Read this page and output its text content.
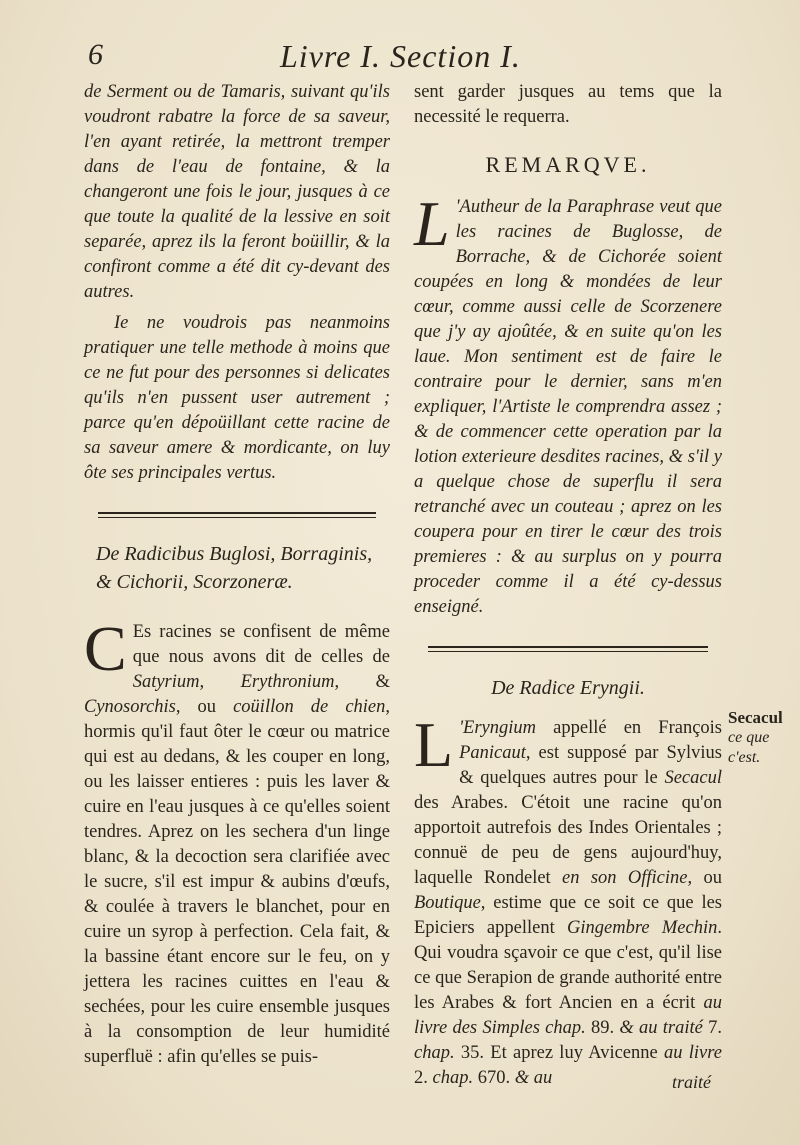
6	Livre I. Section I.

de Serment ou de Tamaris, suivant qu'ils voudront rabatre la force de sa saveur, l'en ayant retirée, la mettront tremper dans de l'eau de fontaine, & la changeront une fois le jour, jusques à ce que toute la qualité de la lessive en soit separée, aprez ils la feront boüillir, & la confiront comme a été dit cy-devant des autres.

Ie ne voudrois pas neanmoins pratiquer une telle methode à moins que ce ne fut pour des personnes si delicates qu'ils n'en pussent user autrement ; parce qu'en dépoüillant cette racine de sa saveur amere & mordicante, on luy ôte ses principales vertus.

De Radicibus Buglosi, Borraginis, & Cichorii, Scorzoneræ.

C Es racines se confisent de même que nous avons dit de celles de Satyrium, Erythronium, & Cynosorchis, ou coüillon de chien, hormis qu'il faut ôter le cœur ou matrice qui est au dedans, & les couper en long, ou les laisser entieres : puis les laver & cuire en l'eau jusques à ce qu'elles soient tendres. Aprez on les sechera d'un linge blanc, & la decoction sera clarifiée avec le sucre, s'il est impur & aubins d'œufs, & coulée à travers le blanchet, pour en cuire un syrop à perfection. Cela fait, & la bassine étant encore sur le feu, on y jettera les racines cuittes en l'eau & sechées, pour les cuire ensemble jusques à la consomption de leur humidité superfluë : afin qu'elles se puis-

sent garder jusques au tems que la necessité le requerra.

REMARQVE.

L 'Autheur de la Paraphrase veut que les racines de Buglosse, de Borrache, & de Cichorée soient coupées en long & mondées de leur cœur, comme aussi celle de Scorzenere que j'y ay ajoûtée, & en suite qu'on les laue. Mon sentiment est de faire le contraire pour le dernier, sans m'en expliquer, l'Artiste le comprendra assez ; & de commencer cette operation par la lotion exterieure desdites racines, & s'il y a quelque chose de superflu il sera retranché avec un couteau ; aprez on les coupera pour en tirer le cœur des trois premieres : & au surplus on y pourra proceder comme il a été cy-dessus enseigné.

De Radice Eryngii.

L 'Eryngium appellé en François Panicaut, est supposé par Sylvius & quelques autres pour le Secacul des Arabes. C'étoit une racine qu'on apportoit autrefois des Indes Orientales ; connuë de peu de gens aujourd'huy, laquelle Rondelet en son Officine, ou Boutique, estime que ce soit ce que les Epiciers appellent Gingembre Mechin. Qui voudra sçavoir ce que c'est, qu'il lise ce que Serapion de grande authorité entre les Arabes & fort Ancien en a écrit au livre des Simples chap. 89. & au traité 7. chap. 35. Et aprez luy Avicenne au livre 2. chap. 670. & au

Secacul
ce que c'est.
traité
